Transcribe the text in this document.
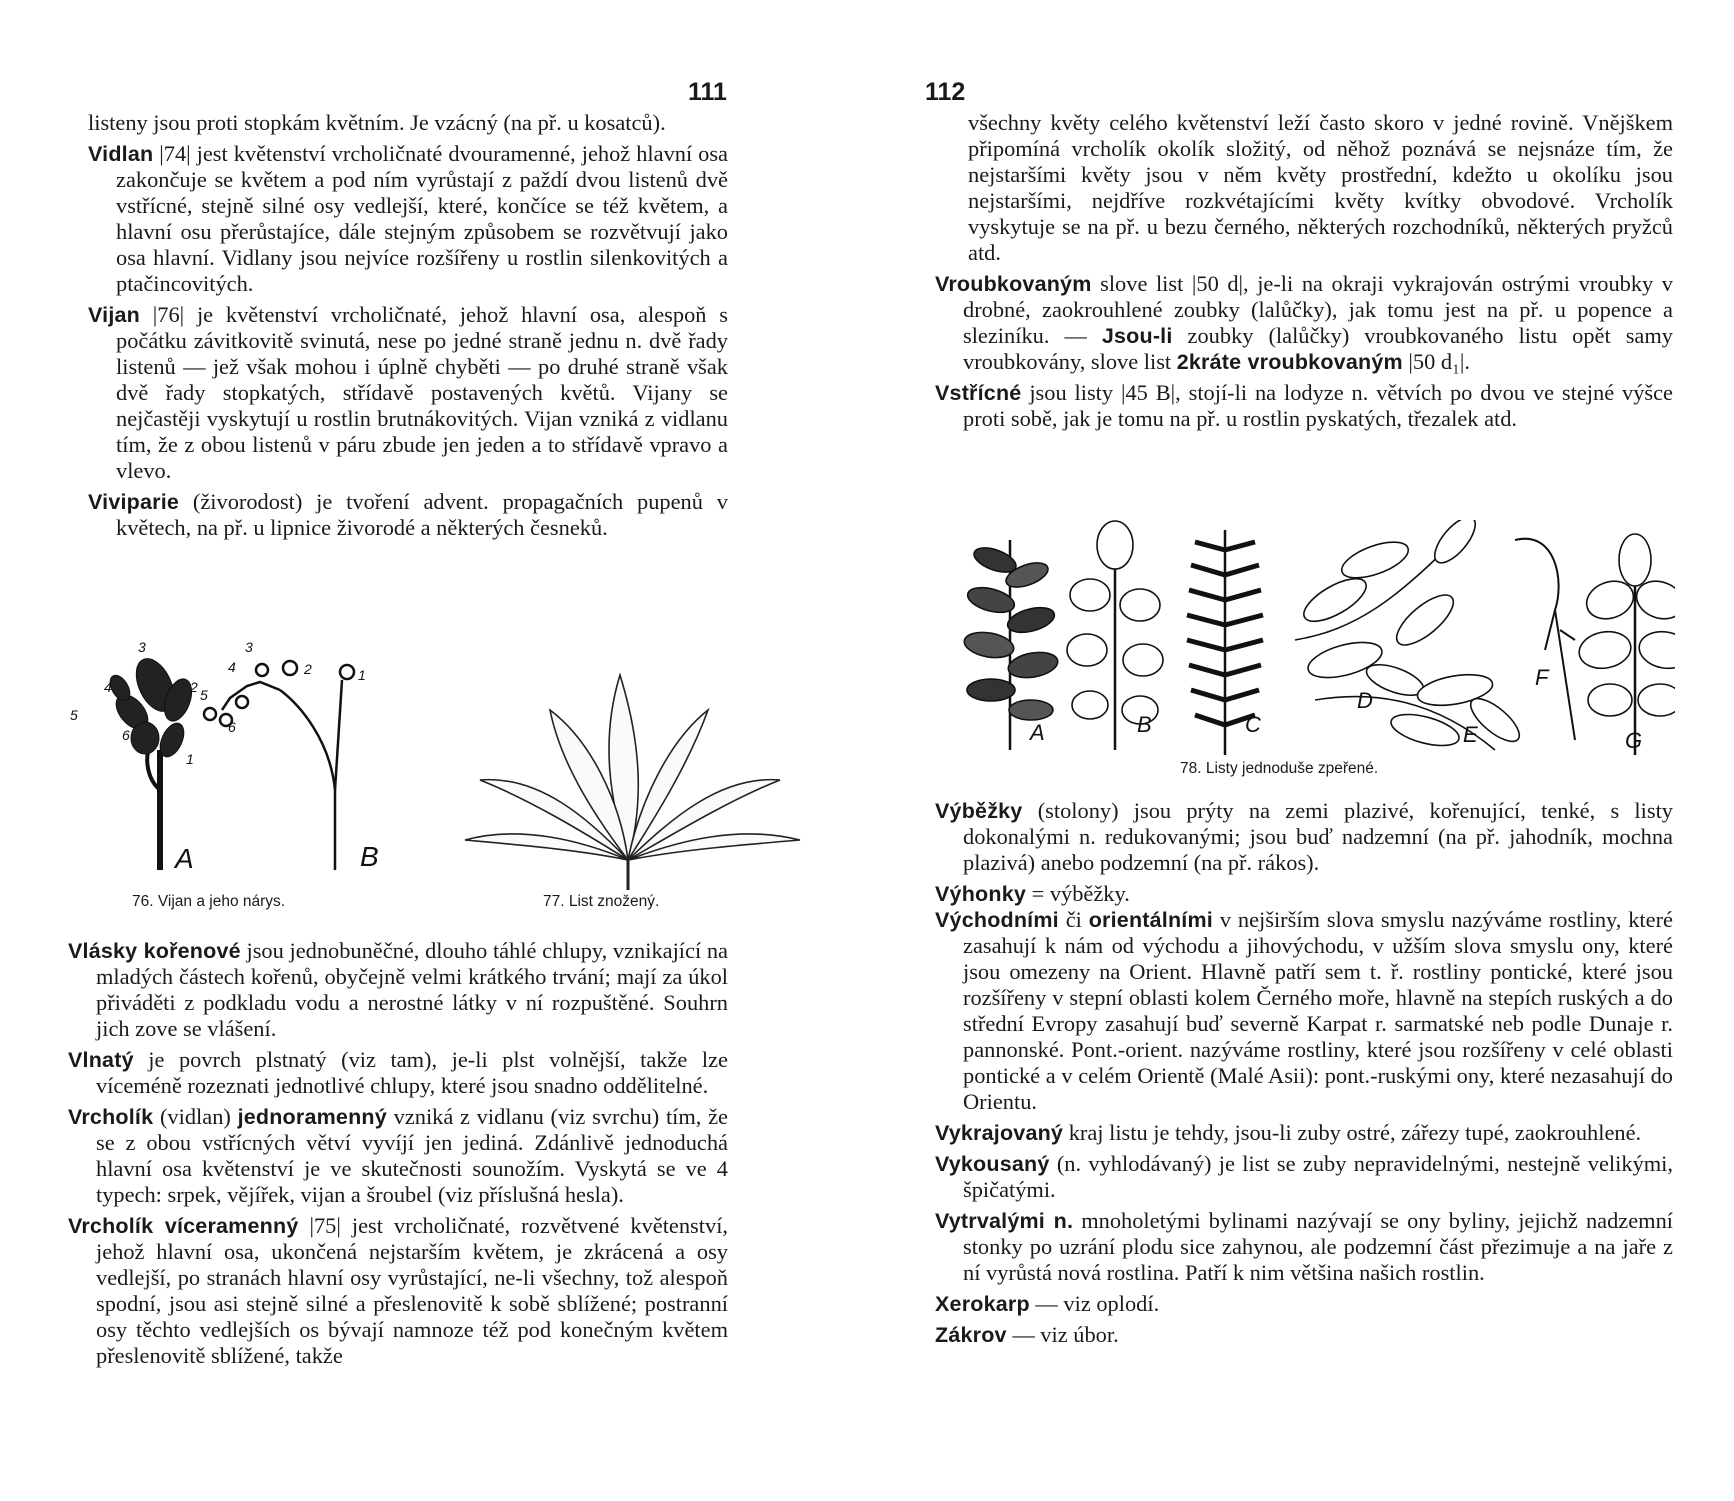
111

listeny jsou proti stopkám květním. Je vzácný (na př. u kosatců).

Vidlan |74| jest květenství vrcholičnaté dvouramenné, jehož hlavní osa zakončuje se květem a pod ním vyrůstají z paždí dvou listenů dvě vstřícné, stejně silné osy vedlejší, které, končíce se též květem, a hlavní osu přerůstajíce, dále stejným způsobem se rozvětvují jako osa hlavní. Vidlany jsou nejvíce rozšířeny u rostlin silenkovitých a ptačincovitých.

Vijan |76| je květenství vrcholičnaté, jehož hlavní osa, alespoň s počátku závitkovitě svinutá, nese po jedné straně jednu n. dvě řady listenů — jež však mohou i úplně chyběti — po druhé straně však dvě řady stopkatých, střídavě postavených květů. Vijany se nejčastěji vyskytují u rostlin brutnákovitých. Vijan vzniká z vidlanu tím, že z obou listenů v páru zbude jen jeden a to střídavě vpravo a vlevo.

Viviparie (živorodost) je tvoření advent. propagačních pupenů v květech, na př. u lipnice živorodé a některých česneků.

3
2
4
5
6
1
A
3
4	2
5
6
1
B
76. Vijan a jeho nárys.	77. List znožený.

Vlásky kořenové jsou jednobuněčné, dlouho táhlé chlupy, vznikající na mladých částech kořenů, obyčejně velmi krátkého trvání; mají za úkol přiváděti z podkladu vodu a nerostné látky v ní rozpuštěné. Souhrn jich zove se vlášení.

Vlnatý je povrch plstnatý (viz tam), je-li plst volnější, takže lze víceméně rozeznati jednotlivé chlupy, které jsou snadno oddělitelné.

Vrcholík (vidlan) jednoramenný vzniká z vidlanu (viz svrchu) tím, že se z obou vstřícných větví vyvíjí jen jediná. Zdánlivě jednoduchá hlavní osa květenství je ve skutečnosti sounožím. Vyskytá se ve 4 typech: srpek, vějířek, vijan a šroubel (viz příslušná hesla).

Vrcholík víceramenný |75| jest vrcholičnaté, rozvětvené květenství, jehož hlavní osa, ukončená nejstarším květem, je zkrácená a osy vedlejší, po stranách hlavní osy vyrůstající, ne-li všechny, tož alespoň spodní, jsou asi stejně silné a přeslenovitě k sobě sblížené; postranní osy těchto vedlejších os bývají namnoze též pod konečným květem přeslenovitě sblížené, takže

112

všechny květy celého květenství leží často skoro v jedné rovině. Vnějškem připomíná vrcholík okolík složitý, od něhož poznává se nejsnáze tím, že nejstaršími květy jsou v něm květy prostřední, kdežto u okolíku jsou nejstaršími, nejdříve rozkvétajícími květy kvítky obvodové. Vrcholík vyskytuje se na př. u bezu černého, některých rozchodníků, některých pryžců atd.

Vroubkovaným slove list |50 d|, je-li na okraji vykrajován ostrými vroubky v drobné, zaokrouhlené zoubky (lalůčky), jak tomu jest na př. u popence a sleziníku. — Jsou-li zoubky (lalůčky) vroubkovaného listu opět samy vroubkovány, slove list 2kráte vroubkovaným |50 d₁|.

Vstřícné jsou listy |45 B|, stojí-li na lodyze n. větvích po dvou ve stejné výšce proti sobě, jak je tomu na př. u rostlin pyskatých, třezalek atd.

A	B	C
D
E
F
G
78. Listy jednoduše zpeřené.

Výběžky (stolony) jsou prýty na zemi plazivé, kořenující, tenké, s listy dokonalými n. redukovanými; jsou buď nadzemní (na př. jahodník, mochna plazivá) anebo podzemní (na př. rákos).

Výhonky = výběžky.

Východními či orientálními v nejširším slova smyslu nazýváme rostliny, které zasahují k nám od východu a jihovýchodu, v užším slova smyslu ony, které jsou omezeny na Orient. Hlavně patří sem t. ř. rostliny pontické, které jsou rozšířeny v stepní oblasti kolem Černého moře, hlavně na stepích ruských a do střední Evropy zasahují buď severně Karpat r. sarmatské neb podle Dunaje r. pannonské. Pont.-orient. nazýváme rostliny, které jsou rozšířeny v celé oblasti pontické a v celém Orientě (Malé Asii): pont.-ruskými ony, které nezasahují do Orientu.

Vykrajovaný kraj listu je tehdy, jsou-li zuby ostré, zářezy tupé, zaokrouhlené.

Vykousaný (n. vyhlodávaný) je list se zuby nepravidelnými, nestejně velikými, špičatými.

Vytrvalými n. mnoholetými bylinami nazývají se ony byliny, jejichž nadzemní stonky po uzrání plodu sice zahynou, ale podzemní část přezimuje a na jaře z ní vyrůstá nová rostlina. Patří k nim většina našich rostlin.

Xerokarp — viz oplodí.

Zákrov — viz úbor.
